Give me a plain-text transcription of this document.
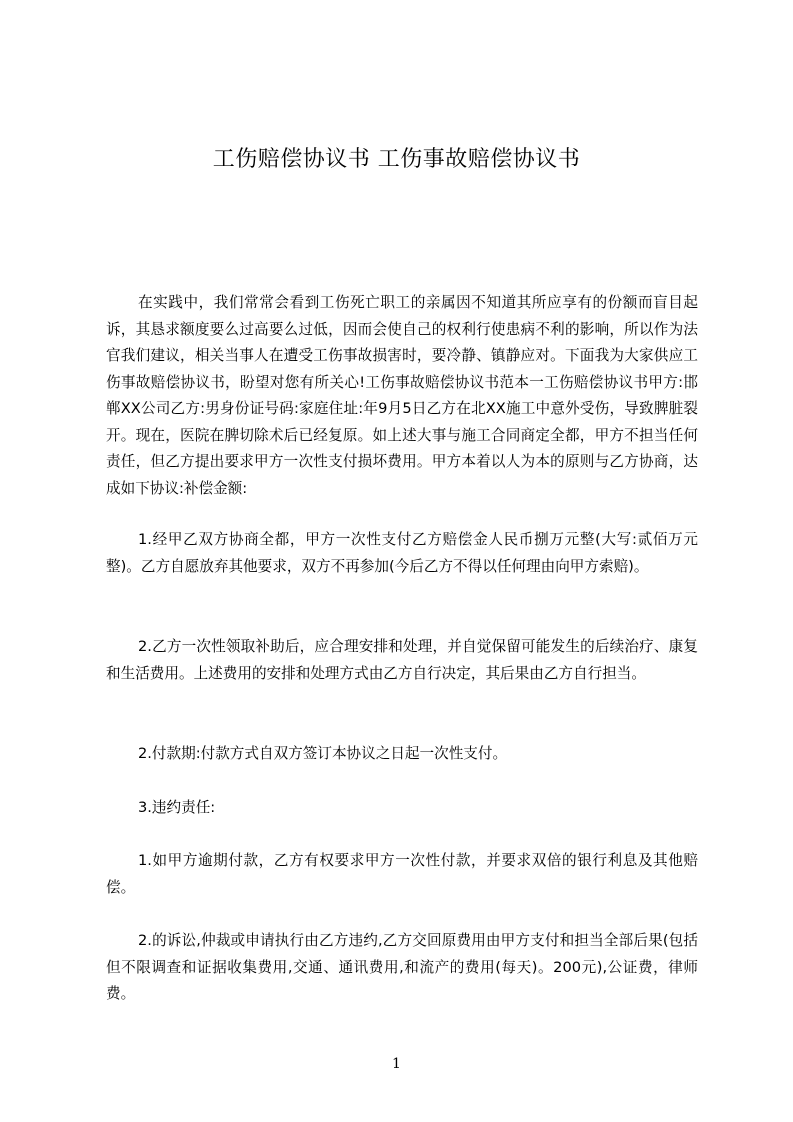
工伤赔偿协议书 工伤事故赔偿协议书

在实践中，我们常常会看到工伤死亡职工的亲属因不知道其所应享有的份额而盲目起诉，其恳求额度要么过高要么过低，因而会使自己的权利行使患病不利的影响，所以作为法官我们建议，相关当事人在遭受工伤事故损害时，要冷静、镇静应对。下面我为大家供应工伤事故赔偿协议书，盼望对您有所关心!工伤事故赔偿协议书范本一工伤赔偿协议书甲方:邯郸XX公司乙方:男身份证号码:家庭住址:年9月5日乙方在北XX施工中意外受伤，导致脾脏裂开。现在，医院在脾切除术后已经复原。如上述大事与施工合同商定全都，甲方不担当任何责任，但乙方提出要求甲方一次性支付损坏费用。甲方本着以人为本的原则与乙方协商，达成如下协议:补偿金额:

1.经甲乙双方协商全都，甲方一次性支付乙方赔偿金人民币捌万元整(大写:贰佰万元整)。乙方自愿放弃其他要求，双方不再参加(今后乙方不得以任何理由向甲方索赔)。

2.乙方一次性领取补助后，应合理安排和处理，并自觉保留可能发生的后续治疗、康复和生活费用。上述费用的安排和处理方式由乙方自行决定，其后果由乙方自行担当。

2.付款期:付款方式自双方签订本协议之日起一次性支付。

3.违约责任:

1.如甲方逾期付款，乙方有权要求甲方一次性付款，并要求双倍的银行利息及其他赔偿。

2.的诉讼,仲裁或申请执行由乙方违约,乙方交回原费用由甲方支付和担当全部后果(包括但不限调查和证据收集费用,交通、通讯费用,和流产的费用(每天)。200元),公证费，律师费。

1
